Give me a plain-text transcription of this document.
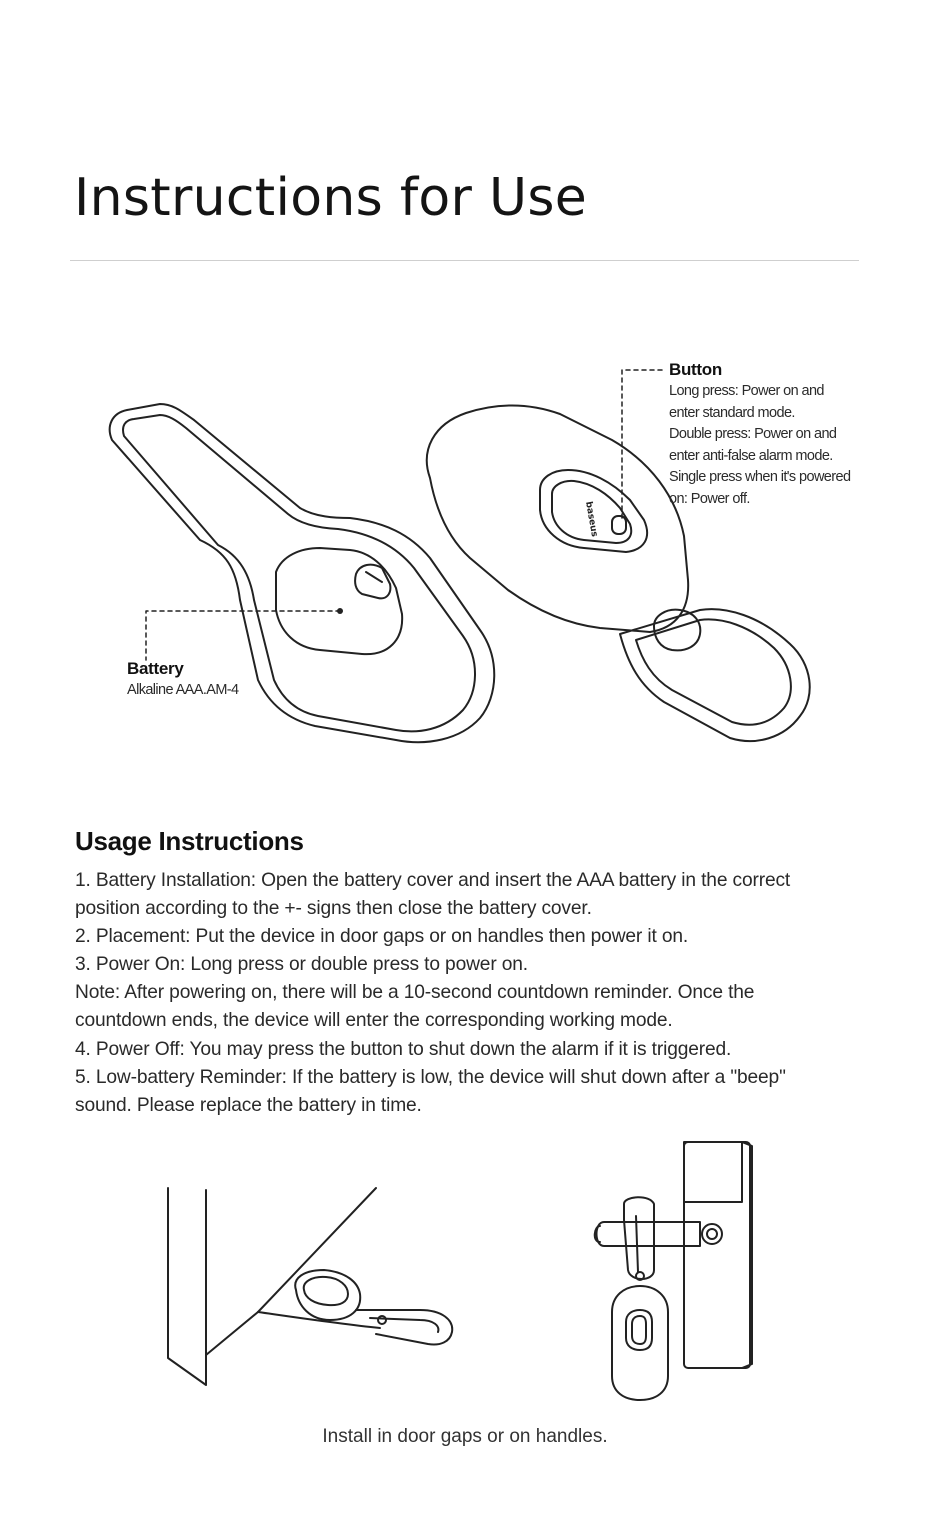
Instructions for Use
baseus
Button
Long press: Power on and
enter standard mode.
Double press: Power on and
enter anti-false alarm mode.
Single press when it's powered
on: Power off.
Battery
Alkaline AAA.AM-4
Usage Instructions
1. Battery Installation: Open the battery cover and insert the AAA battery in the correct
position according to the +- signs then close the battery cover.
2. Placement: Put the device in door gaps or on handles then power it on.
3. Power On: Long press or double press to power on.
Note: After powering on, there will be a 10-second countdown reminder. Once the
countdown ends, the device will enter the corresponding working mode.
4. Power Off: You may press the button to shut down the alarm if it is triggered.
5. Low-battery Reminder: If the battery is low, the device will shut down after a "beep"
sound. Please replace the battery in time.
Install in door gaps or on handles.
